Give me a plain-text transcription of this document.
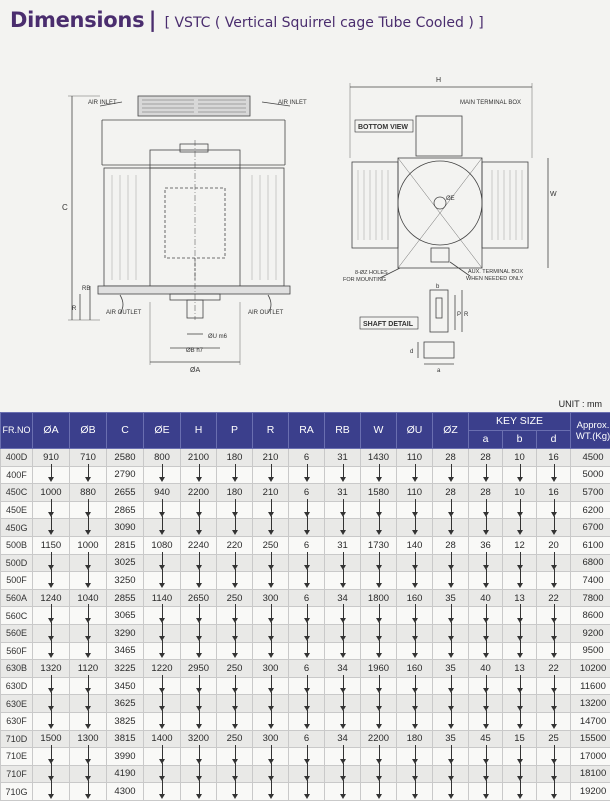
Dimensions | [ VSTC ( Vertical Squirrel cage Tube Cooled ) ]
AIR INLET	AIR INLET
AIR OUTLET	AIR OUTLET
C
R
RB
ØU m6
ØB h7
ØA
H
MAIN TERMINAL BOX
BOTTOM VIEW
W
ØE
8-ØZ HOLES
FOR MOUNTING
AUX. TERMINAL BOX
WHEN NEEDED ONLY
SHAFT DETAIL
b
P R
d
a
UNIT : mm
FR.NO	ØA	ØB	C	ØE	H	P	R	RA	RB	W	ØU	ØZ	KEY SIZE			Approx.
WT.(Kg)
													a	b	d	
400D	910	710	2580	800	2100	180	210	6	31	1430	110	28	28	10	16	4500
400F			2790													5000
450C	1000	880	2655	940	2200	180	210	6	31	1580	110	28	28	10	16	5700
450E			2865													6200
450G			3090													6700
500B	1150	1000	2815	1080	2240	220	250	6	31	1730	140	28	36	12	20	6100
500D			3025													6800
500F			3250													7400
560A	1240	1040	2855	1140	2650	250	300	6	34	1800	160	35	40	13	22	7800
560C			3065													8600
560E			3290													9200
560F			3465													9500
630B	1320	1120	3225	1220	2950	250	300	6	34	1960	160	35	40	13	22	10200
630D			3450													11600
630E			3625													13200
630F			3825													14700
710D	1500	1300	3815	1400	3200	250	300	6	34	2200	180	35	45	15	25	15500
710E			3990													17000
710F			4190													18100
710G			4300													19200
